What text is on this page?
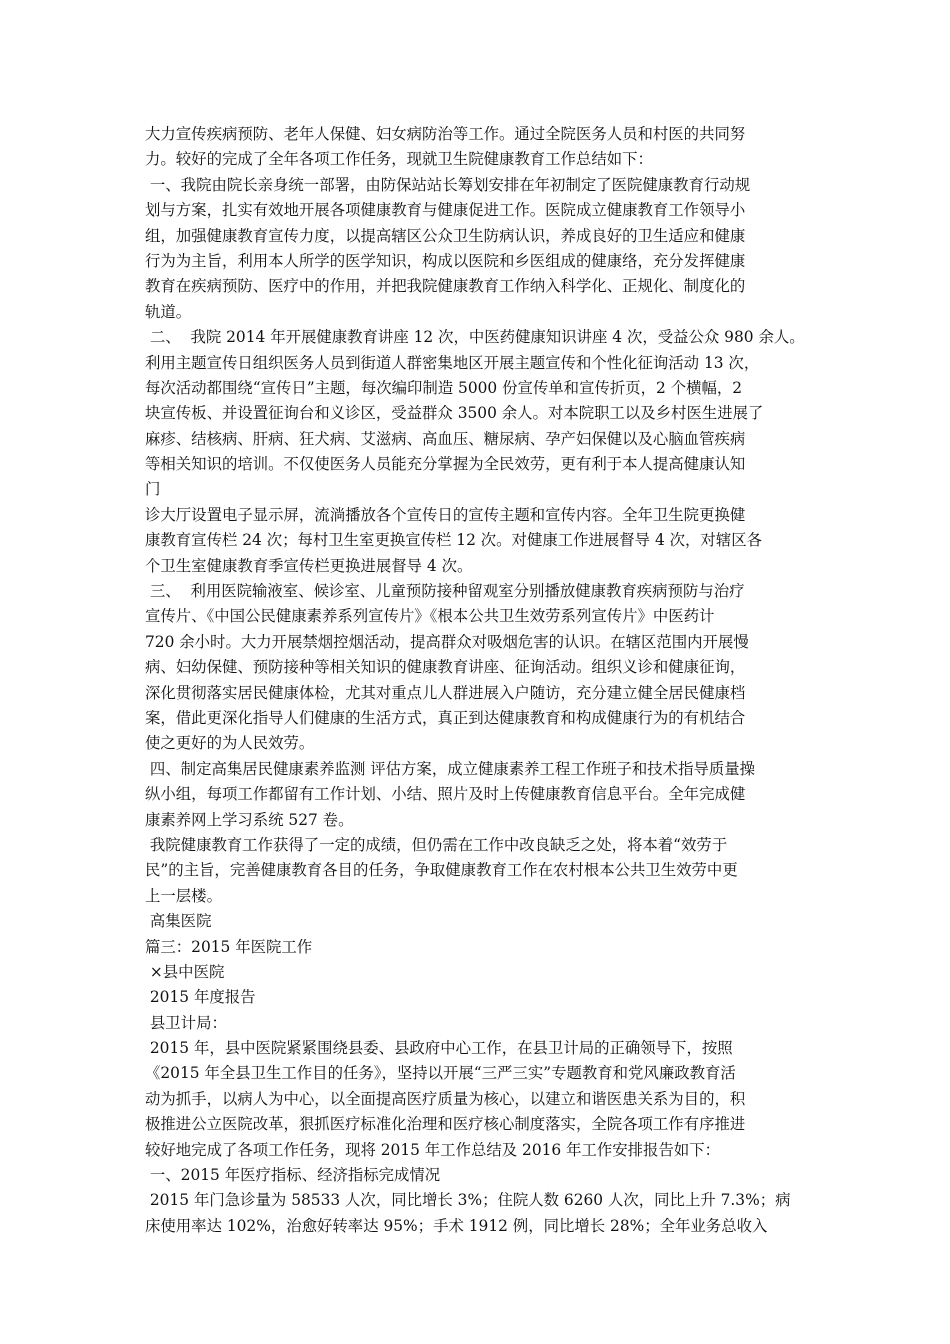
大力宣传疾病预防、老年人保健、妇女病防治等工作。通过全院医务人员和村医的共同努
力。较好的完成了全年各项工作任务，现就卫生院健康教育工作总结如下：
一、我院由院长亲身统一部署，由防保站站长筹划安排在年初制定了医院健康教育行动规
划与方案，扎实有效地开展各项健康教育与健康促进工作。医院成立健康教育工作领导小
组，加强健康教育宣传力度，以提高辖区公众卫生防病认识，养成良好的卫生适应和健康
行为为主旨，利用本人所学的医学知识，构成以医院和乡医组成的健康络，充分发挥健康
教育在疾病预防、医疗中的作用，并把我院健康教育工作纳入科学化、正规化、制度化的
轨道。
二、  我院 2014 年开展健康教育讲座 12 次，中医药健康知识讲座 4 次，受益公众 980 余人。
利用主题宣传日组织医务人员到街道人群密集地区开展主题宣传和个性化征询活动 13 次，
每次活动都围绕“宣传日”主题，每次编印制造 5000 份宣传单和宣传折页，2 个横幅，2
块宣传板、并设置征询台和义诊区，受益群众 3500 余人。对本院职工以及乡村医生进展了
麻疹、结核病、肝病、狂犬病、艾滋病、高血压、糖尿病、孕产妇保健以及心脑血管疾病
等相关知识的培训。不仅使医务人员能充分掌握为全民效劳，更有利于本人提高健康认知
门
诊大厅设置电子显示屏，流淌播放各个宣传日的宣传主题和宣传内容。全年卫生院更换健
康教育宣传栏 24 次；每村卫生室更换宣传栏 12 次。对健康工作进展督导 4 次，对辖区各
个卫生室健康教育季宣传栏更换进展督导 4 次。
三、  利用医院输液室、候诊室、儿童预防接种留观室分别播放健康教育疾病预防与治疗
宣传片、《中国公民健康素养系列宣传片》《根本公共卫生效劳系列宣传片》中医药计
720 余小时。大力开展禁烟控烟活动，提高群众对吸烟危害的认识。在辖区范围内开展慢
病、妇幼保健、预防接种等相关知识的健康教育讲座、征询活动。组织义诊和健康征询，
深化贯彻落实居民健康体检，尤其对重点儿人群进展入户随访，充分建立健全居民健康档
案，借此更深化指导人们健康的生活方式，真正到达健康教育和构成健康行为的有机结合
使之更好的为人民效劳。
四、制定高集居民健康素养监测 评估方案，成立健康素养工程工作班子和技术指导质量操
纵小组，每项工作都留有工作计划、小结、照片及时上传健康教育信息平台。全年完成健
康素养网上学习系统 527 卷。
我院健康教育工作获得了一定的成绩，但仍需在工作中改良缺乏之处，将本着“效劳于
民”的主旨，完善健康教育各目的任务，争取健康教育工作在农村根本公共卫生效劳中更
上一层楼。
高集医院
篇三：2015 年医院工作
×县中医院
2015 年度报告
县卫计局：
2015 年，县中医院紧紧围绕县委、县政府中心工作，在县卫计局的正确领导下，按照
《2015 年全县卫生工作目的任务》，坚持以开展“三严三实”专题教育和党风廉政教育活
动为抓手，以病人为中心，以全面提高医疗质量为核心，以建立和谐医患关系为目的，积
极推进公立医院改革，狠抓医疗标准化治理和医疗核心制度落实，全院各项工作有序推进
较好地完成了各项工作任务，现将 2015 年工作总结及 2016 年工作安排报告如下：
一、2015 年医疗指标、经济指标完成情况
2015 年门急诊量为 58533 人次，同比增长 3%；住院人数 6260 人次，同比上升 7.3%；病
床使用率达 102%，治愈好转率达 95%；手术 1912 例，同比增长 28%；全年业务总收入
